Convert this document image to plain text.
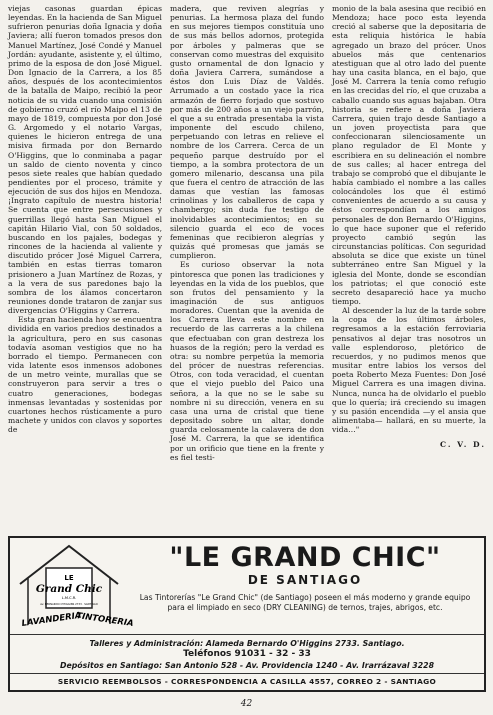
viejas casonas guardan épicas leyendas. En la hacienda de San Miguel sufrieron penurias doña Ignacia y doña Javiera; allí fueron tomados presos don Manuel Martínez, José Condé y Manuel Jordán: ayudante, asistente y, el último, primo de la esposa de don José Miguel. Don Ignacio de la Carrera, a los 85 años, después de los acontecimientos de la batalla de Maipo, recibió la peor noticia de su vida cuando una comisión de gobierno cruzó el río Maipo el 13 de mayo de 1819, compuesta por don José G. Argomedo y el notario Vargas, quienes le hicieron entrega de una misiva firmada por don Bernardo O'Higgins, que lo conminaba a pagar un saldo de ciento noventa y cinco pesos siete reales que habían quedado pendientes por el proceso, trámite y ejecución de sus dos hijos en Mendoza. ¡Ingrato capítulo de nuestra historia! Se cuenta que entre persecusiones y guerrillas llegó hasta San Miguel el capitán Hilario Vial, con 50 soldados, buscando en los pajales, bodegas y rincones de la hacienda al valiente y discutido prócer José Miguel Carrera, también en estas tierras tomaron prisionero a Juan Martínez de Rozas, y a la vera de sus paredones bajo la sombra de los álamos concertaron reuniones donde trataron de zanjar sus divergencias O'Higgins y Carrera.

Esta gran hacienda hoy se encuentra dividida en varios predios destinados a la agricultura, pero en sus casonas todavía asoman vestigios que no ha borrado el tiempo. Permanecen con vida latente esos inmensos adobones de un metro veinte, murallas que se construyeron para servir a tres o cuatro generaciones, bodegas inmensas levantadas y sostenidas por cuartones hechos rústicamente a puro machete y unidos con clavos y soportes de

madera, que reviven alegrías y penurias. La hermosa plaza del fundo en sus mejores tiempos constituía uno de sus más bellos adornos, protegida por árboles y palmeras que se conservan como muestras del exquisito gusto ornamental de don Ignacio y doña Javiera Carrera, sumándose a éstos don Luis Díaz de Valdés. Arrumado a un costado yace la rica armazón de fierro forjado que sostuvo por más de 200 años a un viejo parrón, el que a su entrada presentaba la vista imponente del escudo chileno, perpetuando con letras en relieve el nombre de los Carrera. Cerca de un pequeño parque destruído por el tiempo, a la sombra protectora de un gomero milenario, descansa una pila que fuera el centro de atracción de las damas que vestían las famosas crinolinas y los caballeros de capa y chambergo; sin duda fue testigo de inolvidables acontecimientos; en su silencio guarda el eco de voces femeninas que recibieron alegrías y quizás qué promesas que jamás se cumplieron.

Es curioso observar la nota pintoresca que ponen las tradiciones y leyendas en la vida de los pueblos, que son frutos del pensamiento y la imaginación de sus antiguos moradores. Cuentan que la avenida de los Carrera lleva este nombre en recuerdo de las carreras a la chilena que efectuaban con gran destreza los huasos de la región; pero la verdad es otra: su nombre perpetúa la memoria del prócer de nuestras referencias. Otros, con toda veracidad, el cuentan que el viejo pueblo del Paico una señora, a la que no se le sabe su nombre ni su dirección, venera en su casa una urna de cristal que tiene depositado sobre un altar, donde guarda celosamente la calavera de don José M. Carrera, la que se identifica por un orificio que tiene en la frente y es fiel testi-

monio de la bala asesina que recibió en Mendoza; hace poco esta leyenda creció al saberse que la depositaria de esta reliquia histórica le había agregado un brazo del prócer. Unos abuelos más que centenarios atestiguan que al otro lado del puente hay una casita blanca, en el bajo, que José M. Carrera la tenía como refugio en las crecidas del río, el que cruzaba a caballo cuando sus aguas bajaban. Otra historia se refiere a doña Javiera Carrera, quien trajo desde Santiago a un joven proyectista para que confeccionaran silenciosamente un plano regulador de El Monte y escribiera en su delineación el nombre de sus calles; al hacer entrega del trabajo se comprobó que el dibujante le había cambiado el nombre a las calles colocándoles los que él estimó convenientes de acuerdo a su causa y éstos correspondían a los amigos personales de don Bernardo O'Higgins, lo que hace suponer que el referido proyecto cambió según las circunstancias políticas. Con seguridad absoluta se dice que existe un túnel subterráneo entre San Miguel y la iglesia del Monte, donde se escondían los patriotas; el que conoció este secreto desapareció hace ya mucho tiempo.

Al descender la luz de la tarde sobre la copa de los últimos árboles, regresamos a la estación ferroviaria pensativos al dejar tras nosotros un valle esplendoroso, pletórico de recuerdos, y no pudimos menos que musitar entre labios los versos del poeta Roberto Meza Fuentes: Don José Miguel Carrera es una imagen divina. Nunca, nunca ha de olvidarlo el pueblo que lo quería; irá creciendo su imagen y su pasión encendida —y el ansia que alimentaba— hallará, en su muerte, la vida…"

C. V. D.

LE
Grand Chic
L.M.C.R.
Av. BERNARDO O'HIGGINS 2733 · SANTIAGO
LAVANDERIA
TINTORERIA
"LE GRAND CHIC"
DE SANTIAGO
Las Tintorerías "Le Grand Chic" (de Santiago) poseen el más moderno y grande equipo para el limpiado en seco (DRY CLEANING) de ternos, trajes, abrigos, etc.
Talleres y Administración: Alameda Bernardo O'Higgins 2733. Santiago.
Teléfonos 91031 - 32 - 33
Depósitos en Santiago: San Antonio 528 - Av. Providencia 1240 - Av. Irarrázaval 3228
SERVICIO REEMBOLSOS - CORRESPONDENCIA A CASILLA 4557, CORREO 2 - SANTIAGO
42
